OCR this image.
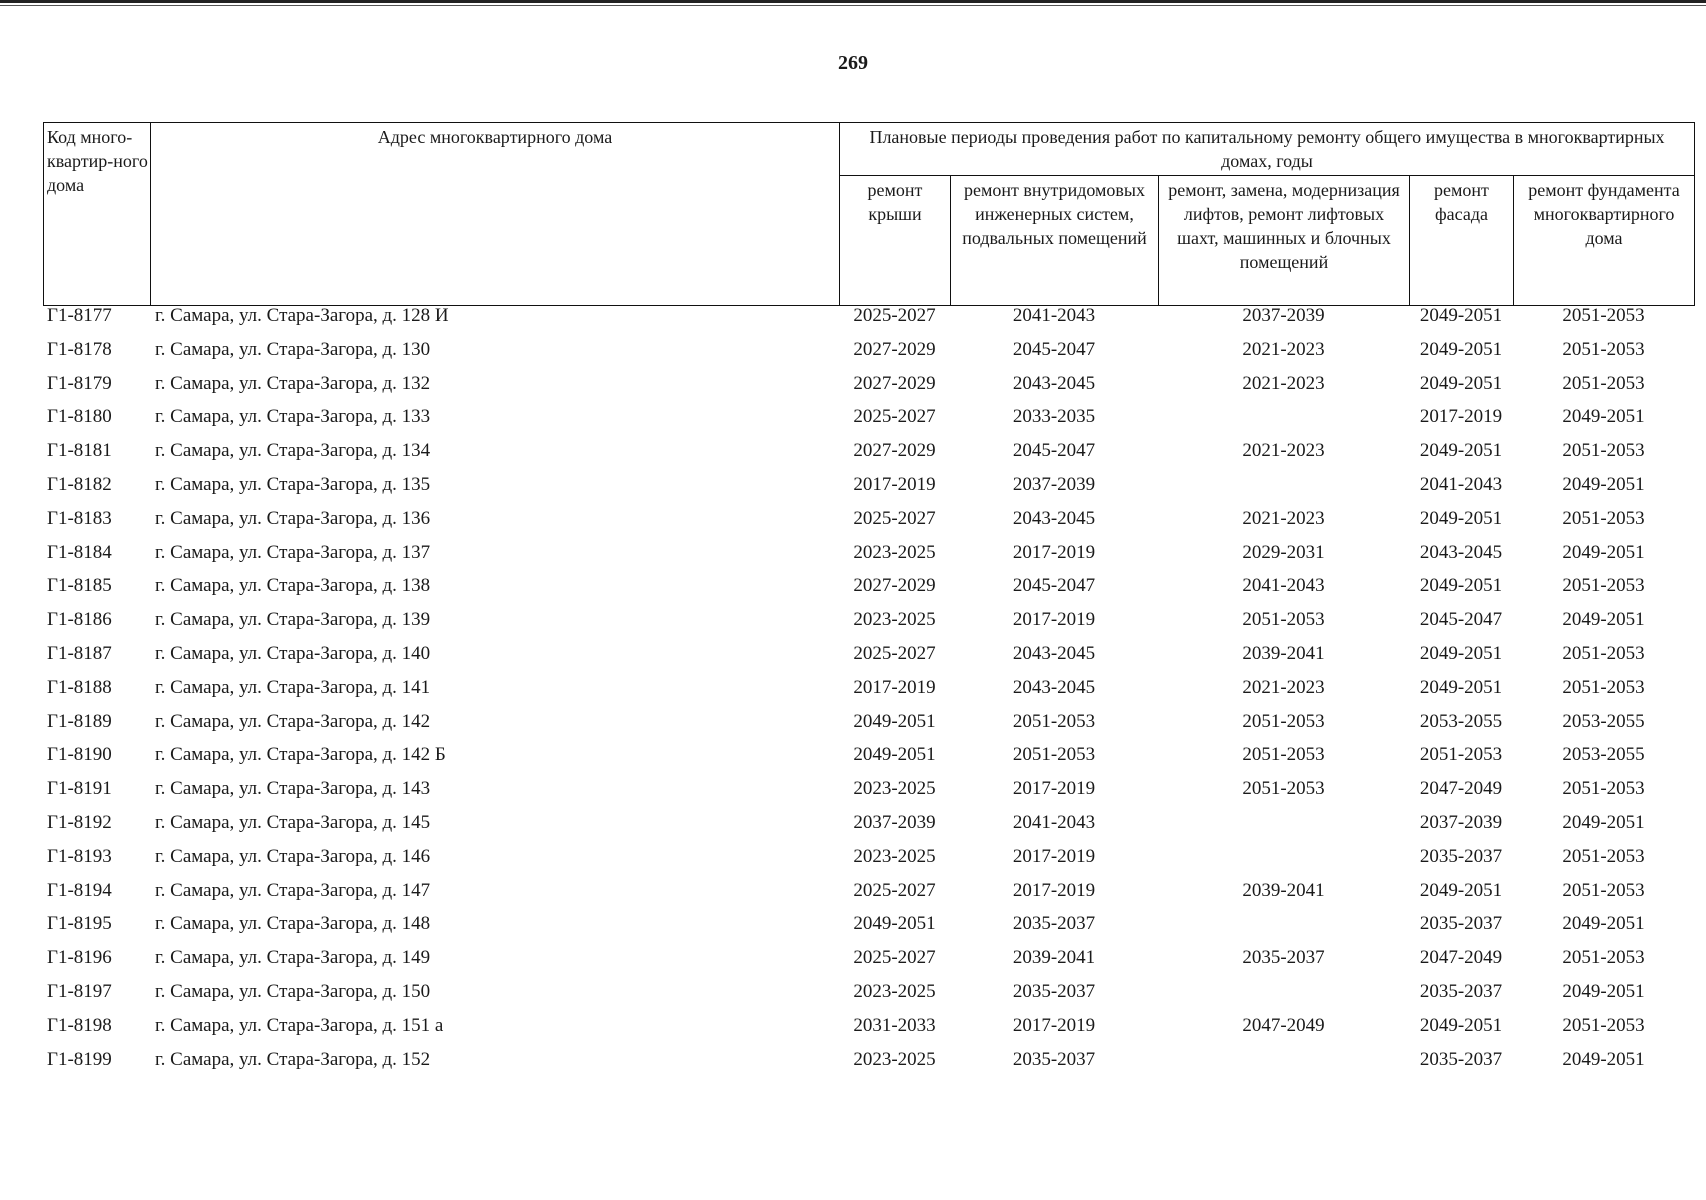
269
Код много-квартир-ного дома	Адрес многоквартирного дома	Плановые периоды проведения работ по капитальному ремонту общего имущества в многоквартирных домах, годы				
		ремонт крыши	ремонт внутридомовых инженерных систем, подвальных помещений	ремонт, замена, модернизация лифтов, ремонт лифтовых шахт, машинных и блочных помещений	ремонт фасада	ремонт фундамента многоквартирного дома
Г1-8177	г. Самара, ул. Стара-Загора, д. 128 И	2025-2027	2041-2043	2037-2039	2049-2051	2051-2053
Г1-8178	г. Самара, ул. Стара-Загора, д. 130	2027-2029	2045-2047	2021-2023	2049-2051	2051-2053
Г1-8179	г. Самара, ул. Стара-Загора, д. 132	2027-2029	2043-2045	2021-2023	2049-2051	2051-2053
Г1-8180	г. Самара, ул. Стара-Загора, д. 133	2025-2027	2033-2035		2017-2019	2049-2051
Г1-8181	г. Самара, ул. Стара-Загора, д. 134	2027-2029	2045-2047	2021-2023	2049-2051	2051-2053
Г1-8182	г. Самара, ул. Стара-Загора, д. 135	2017-2019	2037-2039		2041-2043	2049-2051
Г1-8183	г. Самара, ул. Стара-Загора, д. 136	2025-2027	2043-2045	2021-2023	2049-2051	2051-2053
Г1-8184	г. Самара, ул. Стара-Загора, д. 137	2023-2025	2017-2019	2029-2031	2043-2045	2049-2051
Г1-8185	г. Самара, ул. Стара-Загора, д. 138	2027-2029	2045-2047	2041-2043	2049-2051	2051-2053
Г1-8186	г. Самара, ул. Стара-Загора, д. 139	2023-2025	2017-2019	2051-2053	2045-2047	2049-2051
Г1-8187	г. Самара, ул. Стара-Загора, д. 140	2025-2027	2043-2045	2039-2041	2049-2051	2051-2053
Г1-8188	г. Самара, ул. Стара-Загора, д. 141	2017-2019	2043-2045	2021-2023	2049-2051	2051-2053
Г1-8189	г. Самара, ул. Стара-Загора, д. 142	2049-2051	2051-2053	2051-2053	2053-2055	2053-2055
Г1-8190	г. Самара, ул. Стара-Загора, д. 142 Б	2049-2051	2051-2053	2051-2053	2051-2053	2053-2055
Г1-8191	г. Самара, ул. Стара-Загора, д. 143	2023-2025	2017-2019	2051-2053	2047-2049	2051-2053
Г1-8192	г. Самара, ул. Стара-Загора, д. 145	2037-2039	2041-2043		2037-2039	2049-2051
Г1-8193	г. Самара, ул. Стара-Загора, д. 146	2023-2025	2017-2019		2035-2037	2051-2053
Г1-8194	г. Самара, ул. Стара-Загора, д. 147	2025-2027	2017-2019	2039-2041	2049-2051	2051-2053
Г1-8195	г. Самара, ул. Стара-Загора, д. 148	2049-2051	2035-2037		2035-2037	2049-2051
Г1-8196	г. Самара, ул. Стара-Загора, д. 149	2025-2027	2039-2041	2035-2037	2047-2049	2051-2053
Г1-8197	г. Самара, ул. Стара-Загора, д. 150	2023-2025	2035-2037		2035-2037	2049-2051
Г1-8198	г. Самара, ул. Стара-Загора, д. 151 а	2031-2033	2017-2019	2047-2049	2049-2051	2051-2053
Г1-8199	г. Самара, ул. Стара-Загора, д. 152	2023-2025	2035-2037		2035-2037	2049-2051
